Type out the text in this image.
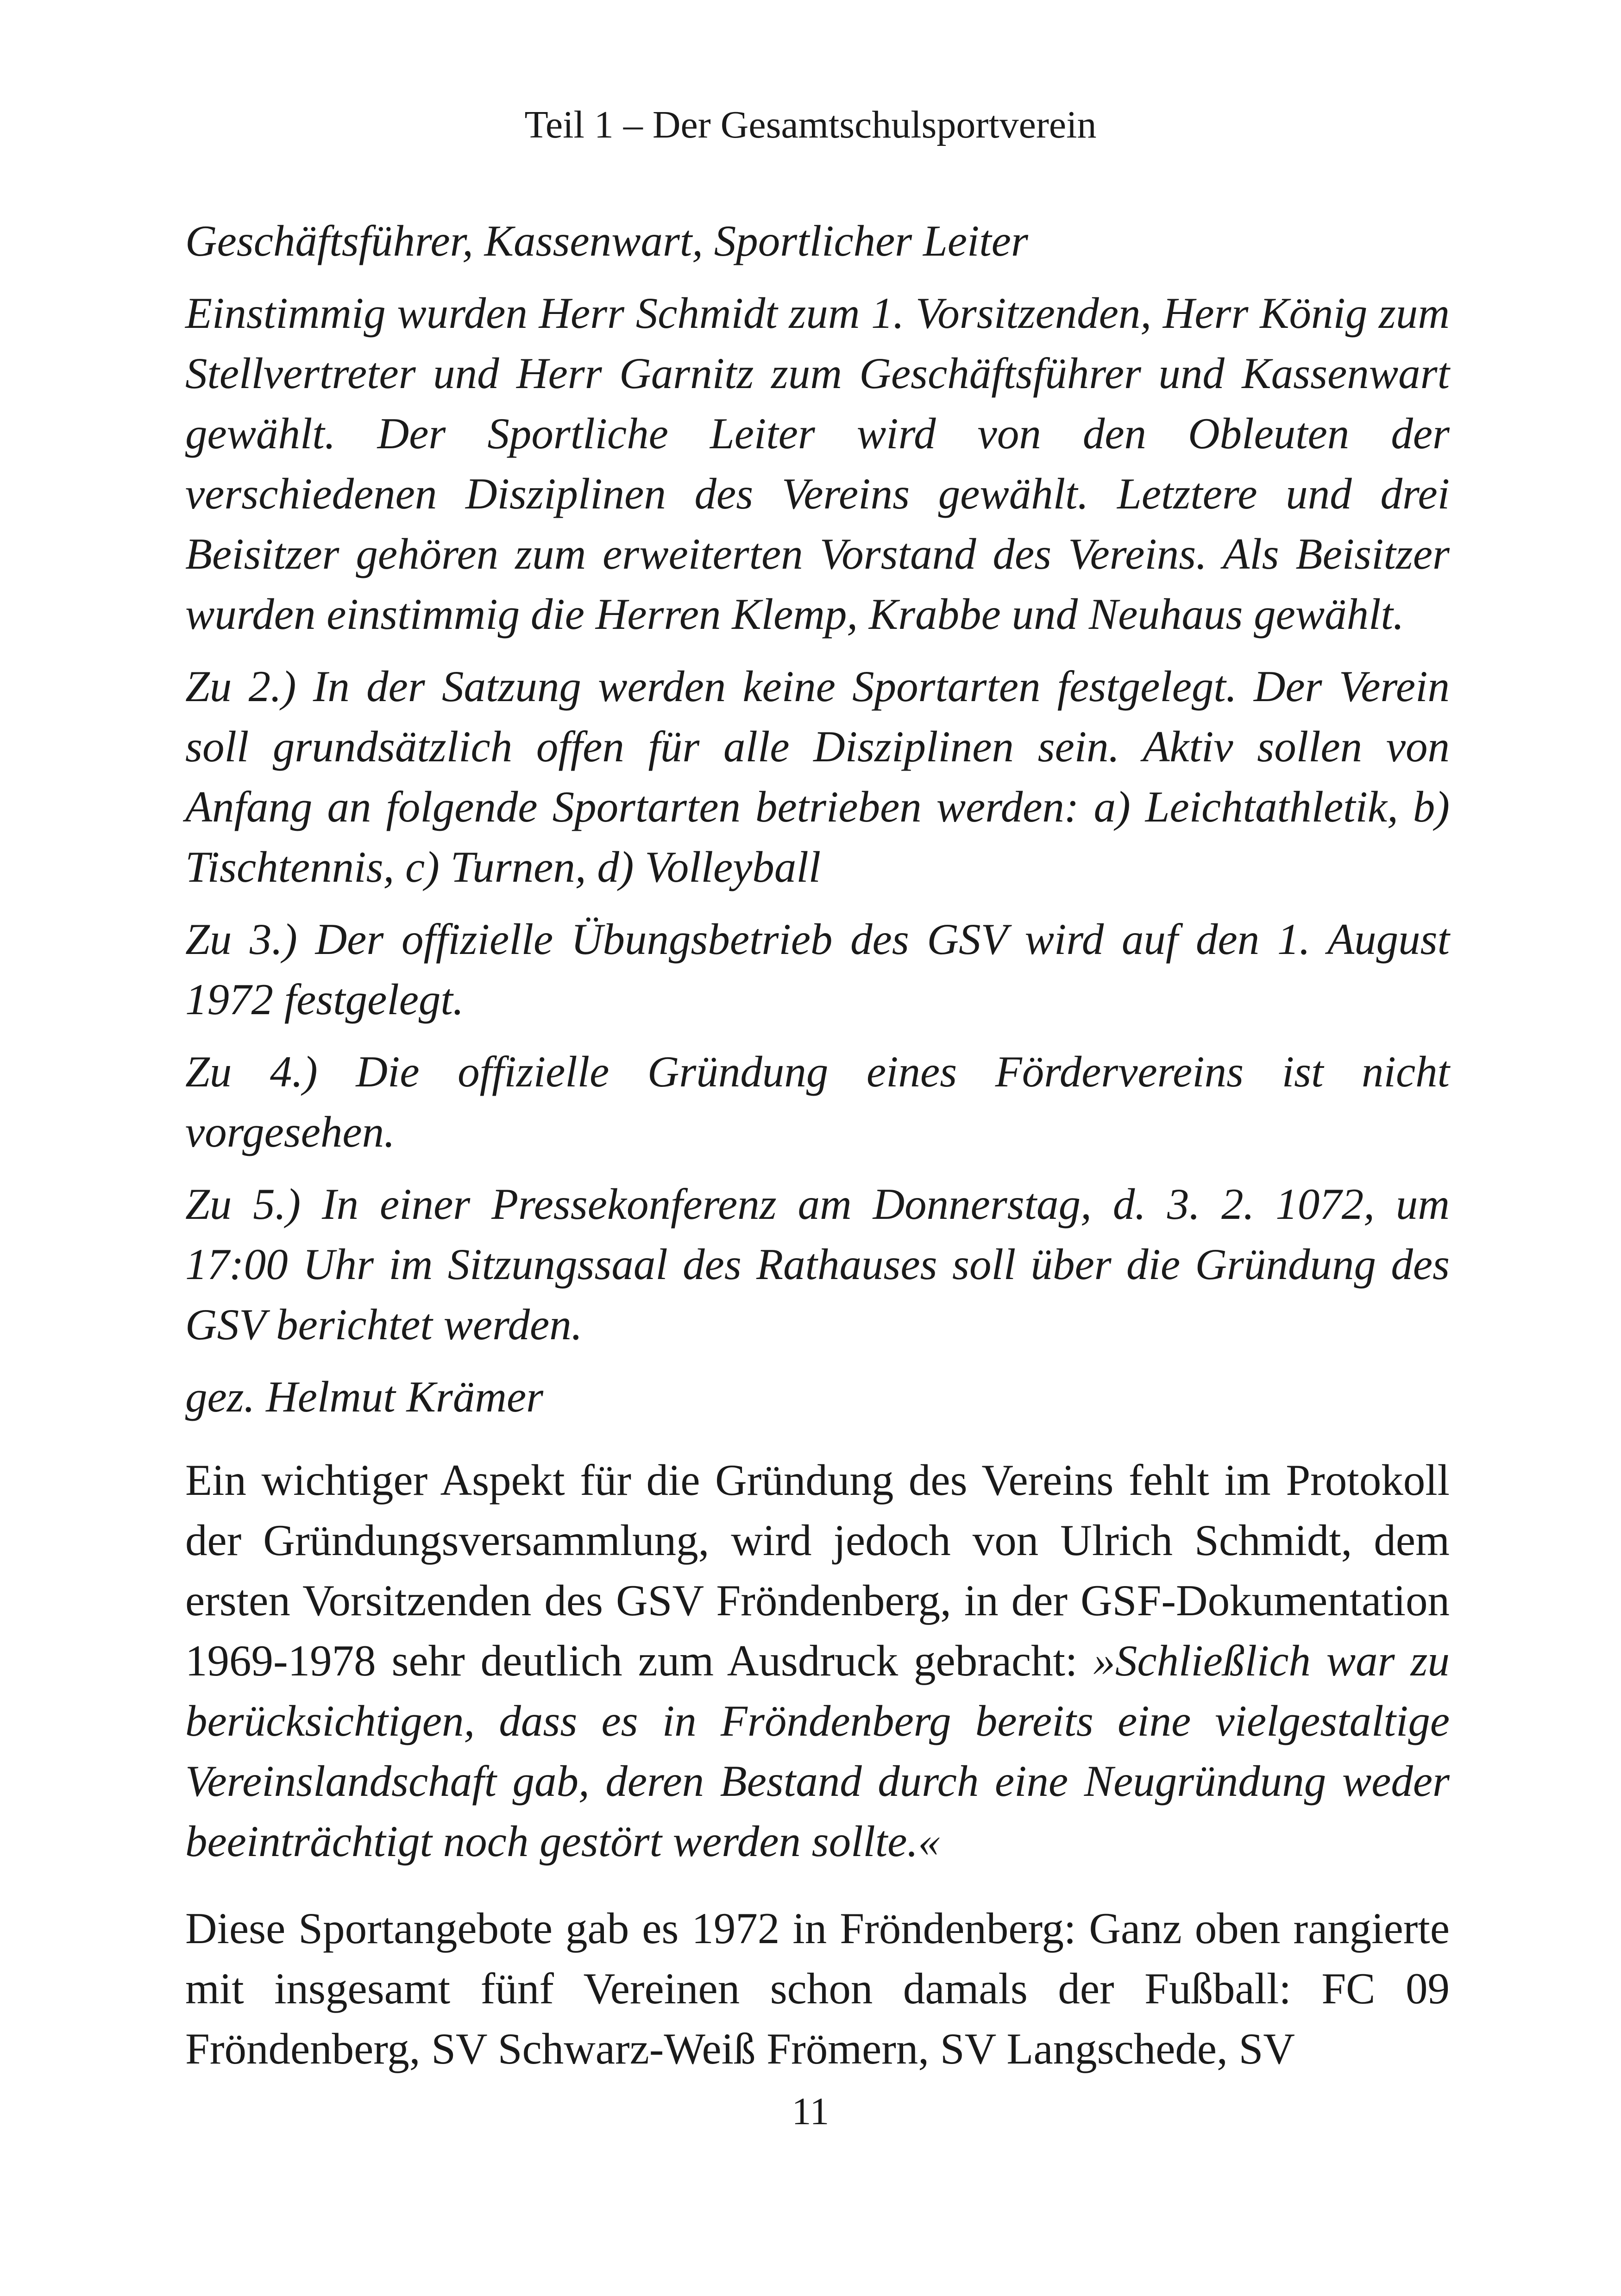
Teil 1 – Der Gesamtschulsportverein

Geschäftsführer, Kassenwart, Sportlicher Leiter

Einstimmig wurden Herr Schmidt zum 1. Vorsitzenden, Herr König zum Stellvertreter und Herr Garnitz zum Geschäftsführer und Kassenwart gewählt. Der Sportliche Leiter wird von den Obleuten der verschiedenen Disziplinen des Vereins gewählt. Letztere und drei Beisitzer gehören zum erweiterten Vorstand des Vereins. Als Beisitzer wurden einstimmig die Herren Klemp, Krabbe und Neuhaus gewählt.

Zu 2.) In der Satzung werden keine Sportarten festgelegt. Der Verein soll grundsätzlich offen für alle Disziplinen sein. Aktiv sollen von Anfang an folgende Sportarten betrieben werden: a) Leichtathletik, b) Tischtennis, c) Turnen, d) Volleyball

Zu 3.) Der offizielle Übungsbetrieb des GSV wird auf den 1. August 1972 festgelegt.

Zu 4.) Die offizielle Gründung eines Fördervereins ist nicht vorgesehen.

Zu 5.) In einer Pressekonferenz am Donnerstag, d. 3. 2. 1072, um 17:00 Uhr im Sitzungssaal des Rathauses soll über die Gründung des GSV berichtet werden.

gez. Helmut Krämer

Ein wichtiger Aspekt für die Gründung des Vereins fehlt im Protokoll der Gründungsversammlung, wird jedoch von Ulrich Schmidt, dem ersten Vorsitzenden des GSV Fröndenberg, in der GSF-Dokumentation 1969-1978 sehr deutlich zum Ausdruck gebracht: »Schließlich war zu berücksichtigen, dass es in Fröndenberg bereits eine vielgestaltige Vereinslandschaft gab, deren Bestand durch eine Neugründung weder beeinträchtigt noch gestört werden sollte.«

Diese Sportangebote gab es 1972 in Fröndenberg: Ganz oben rangierte mit insgesamt fünf Vereinen schon damals der Fußball: FC 09 Fröndenberg, SV Schwarz-Weiß Frömern, SV Langschede, SV

11
